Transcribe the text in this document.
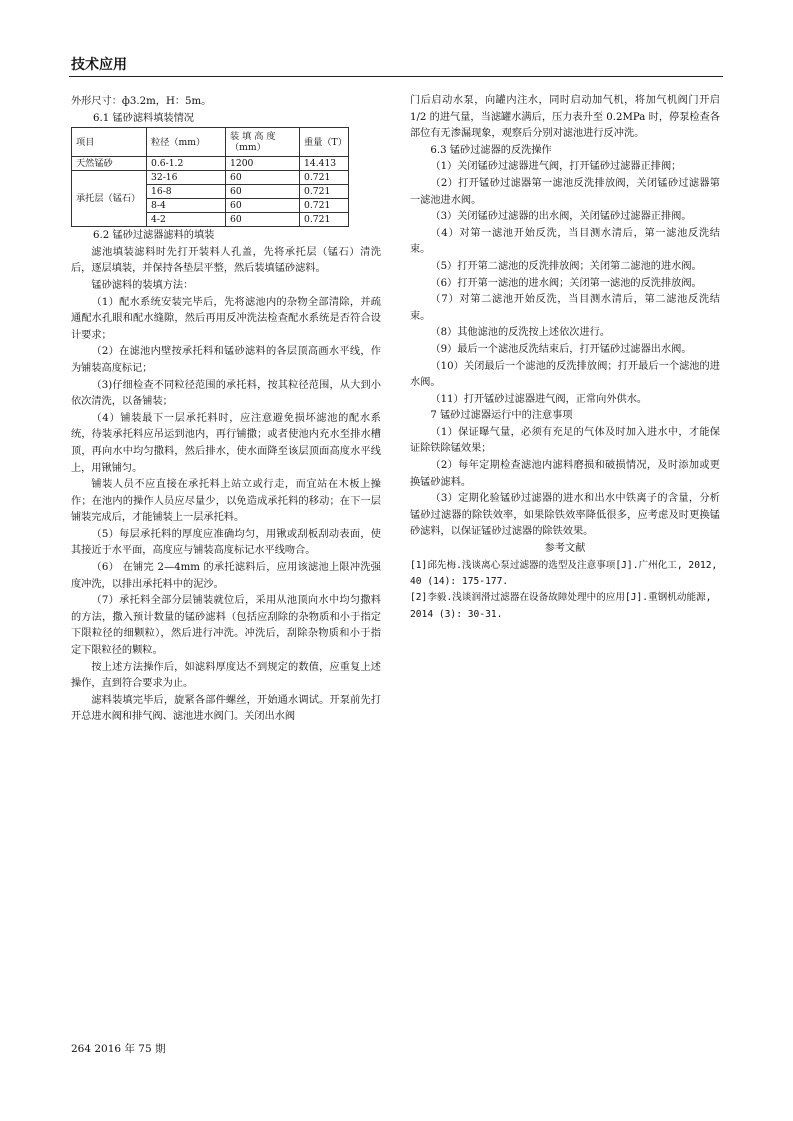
技术应用

外形尺寸：ф3.2m，H：5m。

6.1 锰砂滤料填装情况

项目	粒径（mm）	装 填 高 度（mm）	重量（T）
天然锰砂	0.6-1.2	1200	14.413
承托层（锰石）	32-16	60	0.721
	16-8	60	0.721
	8-4	60	0.721
	4-2	60	0.721

6.2 锰砂过滤器滤料的填装

滤池填装滤料时先打开装料人孔盖，先将承托层（锰石）清洗后，逐层填装，并保持各垫层平整，然后装填锰砂滤料。

锰砂滤料的装填方法：

（1）配水系统安装完毕后，先将滤池内的杂物全部清除，并疏通配水孔眼和配水缝隙，然后再用反冲洗法检查配水系统是否符合设计要求；

（2）在滤池内壁按承托料和锰砂滤料的各层顶高画水平线，作为铺装高度标记；

（3)仔细检查不同粒径范围的承托料，按其粒径范围，从大到小依次清洗，以备铺装；

（4）铺装最下一层承托料时，应注意避免损坏滤池的配水系统，待装承托料应吊运到池内，再行铺撒；或者使池内充水至排水槽顶，再向水中均匀撒料，然后排水，使水面降至该层顶面高度水平线上，用锹铺匀。

铺装人员不应直接在承托料上站立或行走，而宜站在木板上操作；在池内的操作人员应尽量少，以免造成承托料的移动；在下一层铺装完成后，才能铺装上一层承托料。

（5）每层承托料的厚度应准确均匀，用锹或刮板刮动表面，使其接近于水平面，高度应与铺装高度标记水平线吻合。

（6） 在铺完 2—4mm 的承托滤料后，应用该滤池上限冲洗强度冲洗，以排出承托料中的泥沙。

（7）承托料全部分层铺装就位后，采用从池顶向水中均匀撒料的方法，撒入预计数量的锰砂滤料（包括应刮除的杂物质和小于指定下限粒径的细颗粒），然后进行冲洗。冲洗后，刮除杂物质和小于指定下限粒径的颗粒。

按上述方法操作后，如滤料厚度达不到规定的数值，应重复上述操作，直到符合要求为止。

滤料装填完毕后，旋紧各部件螺丝，开始通水调试。开泵前先打开总进水阀和排气阀、滤池进水阀门。关闭出水阀

门后启动水泵，向罐内注水，同时启动加气机，将加气机阀门开启 1/2 的进气量，当滤罐水满后，压力表升至 0.2MPa 时，停泵检查各部位有无渗漏现象，观察后分别对滤池进行反冲洗。

6.3 锰砂过滤器的反洗操作

（1）关闭锰砂过滤器进气阀，打开锰砂过滤器正排阀；

（2）打开锰砂过滤器第一滤池反洗排放阀，关闭锰砂过滤器第一滤池进水阀。

（3）关闭锰砂过滤器的出水阀，关闭锰砂过滤器正排阀。

（4）对第一滤池开始反洗，当目测水清后，第一滤池反洗结束。

（5）打开第二滤池的反洗排放阀；关闭第二滤池的进水阀。

（6）打开第一滤池的进水阀；关闭第一滤池的反洗排放阀。

（7）对第二滤池开始反洗，当目测水清后，第二滤池反洗结束。

（8）其他滤池的反洗按上述依次进行。

（9）最后一个滤池反洗结束后，打开锰砂过滤器出水阀。

（10）关闭最后一个滤池的反洗排放阀；打开最后一个滤池的进水阀。

（11）打开锰砂过滤器进气阀，正常向外供水。

7 锰砂过滤器运行中的注意事项

（1）保证曝气量，必须有充足的气体及时加入进水中，才能保证除铁除锰效果；

（2）每年定期检查滤池内滤料磨损和破损情况，及时添加或更换锰砂滤料。

（3）定期化验锰砂过滤器的进水和出水中铁离子的含量，分析锰砂过滤器的除铁效率，如果除铁效率降低很多，应考虑及时更换锰砂滤料，以保证锰砂过滤器的除铁效果。

参考文献

[1]邱先梅.浅谈离心泵过滤器的选型及注意事项[J].广州化工, 2012, 40 (14): 175-177.

[2]李毅.浅谈润滑过滤器在设备故障处理中的应用[J].重钢机动能源, 2014 (3): 30-31.

264 2016 年 75 期
